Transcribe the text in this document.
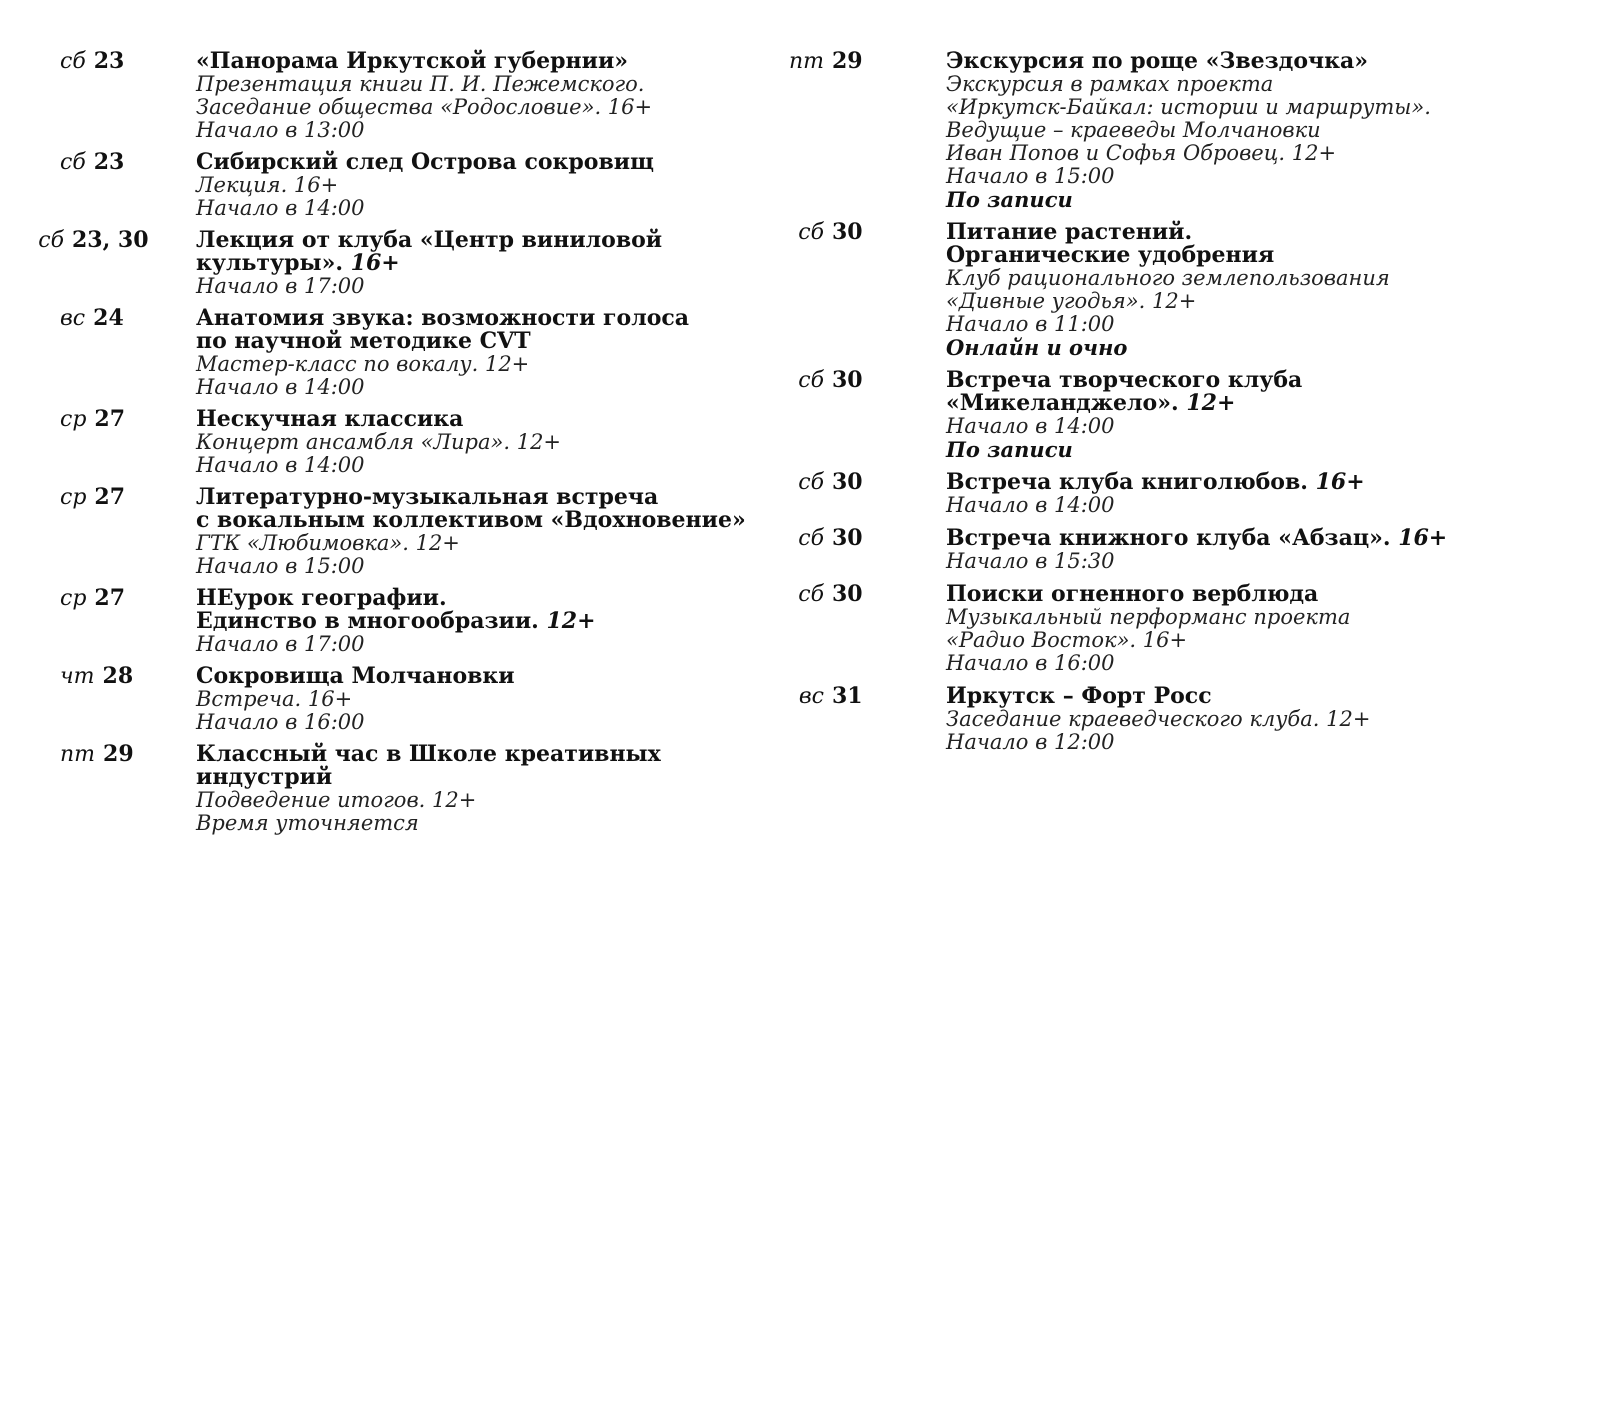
сб 23	«Панорама Иркутской губернии»
Презентация книги П. И. Пежемского.
Заседание общества «Родословие». 16+
Начало в 13:00
сб 23	Сибирский след Острова сокровищ
Лекция. 16+
Начало в 14:00
сб 23, 30 Лекция от клуба «Центр виниловой
культуры». 16+
Начало в 17:00
вс 24	Анатомия звука: возможности голоса
по научной методике CVT
Мастер-класс по вокалу. 12+
Начало в 14:00
ср 27	Нескучная классика
Концерт ансамбля «Лира». 12+
Начало в 14:00
ср 27	Литературно-музыкальная встреча
с вокальным коллективом «Вдохновение»
ГТК «Любимовка». 12+
Начало в 15:00
ср 27	НЕурок географии.
Единство в многообразии. 12+
Начало в 17:00
чт 28	Сокровища Молчановки
Встреча. 16+
Начало в 16:00
пт 29	Классный час в Школе креативных
индустрий
Подведение итогов. 12+
Время уточняется
пт 29	Экскурсия по роще «Звездочка»
Экскурсия в рамках проекта
«Иркутск-Байкал: истории и маршруты».
Ведущие – краеведы Молчановки
Иван Попов и Софья Обровец. 12+
Начало в 15:00
По записи
сб 30	Питание растений.
Органические удобрения
Клуб рационального землепользования
«Дивные угодья». 12+
Начало в 11:00
Онлайн и очно
сб 30	Встреча творческого клуба
«Микеланджело». 12+
Начало в 14:00
По записи
сб 30	Встреча клуба книголюбов. 16+
Начало в 14:00
сб 30	Встреча книжного клуба «Абзац». 16+
Начало в 15:30
сб 30	Поиски огненного верблюда
Музыкальный перформанс проекта
«Радио Восток». 16+
Начало в 16:00
вс 31	Иркутск – Форт Росс
Заседание краеведческого клуба. 12+
Начало в 12:00
